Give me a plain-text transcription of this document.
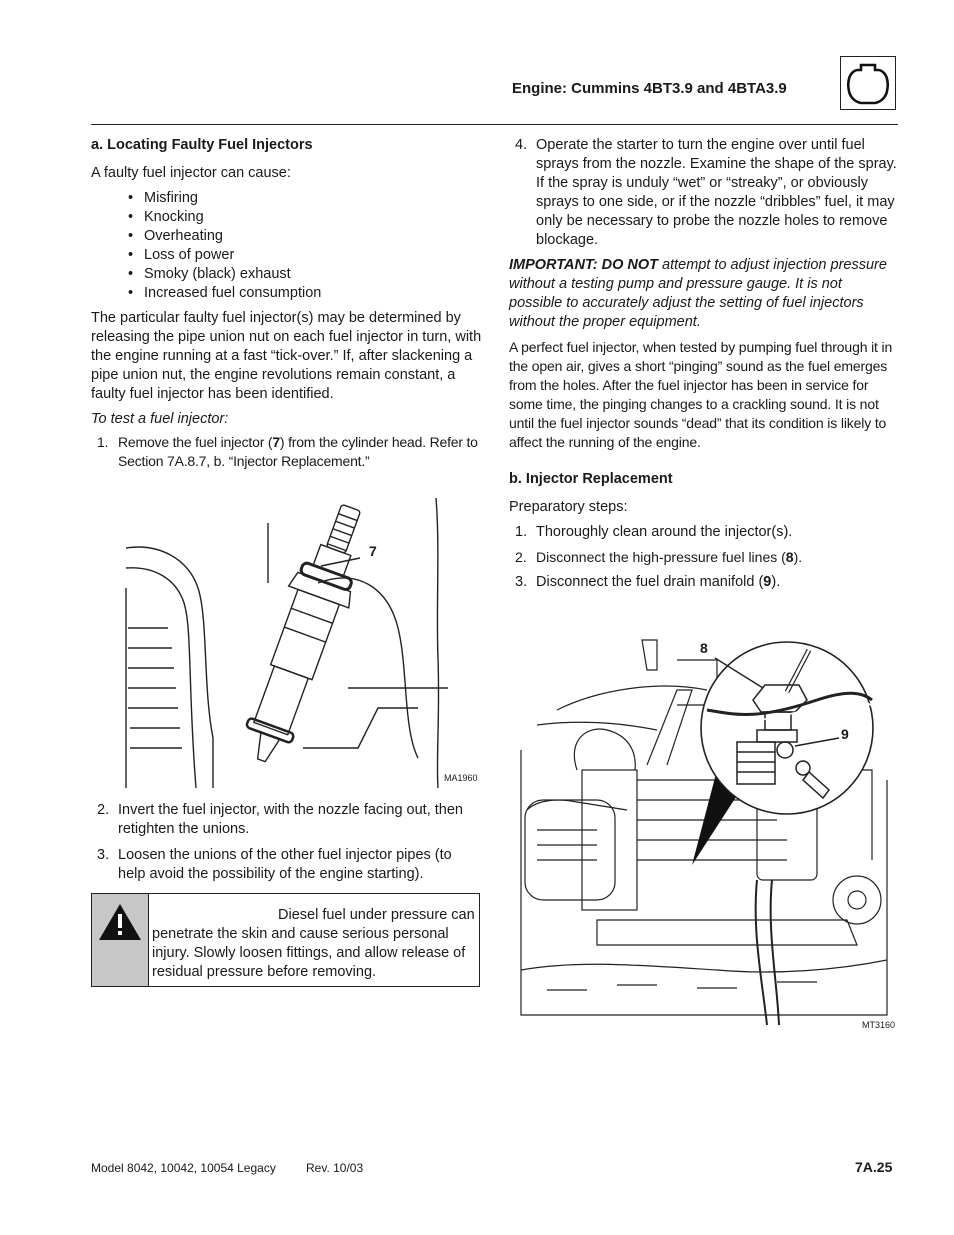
Engine: Cummins 4BT3.9 and 4BTA3.9
a. Locating Faulty Fuel Injectors

A faulty fuel injector can cause:

• Misfiring
• Knocking
• Overheating
• Loss of power
• Smoky (black) exhaust
• Increased fuel consumption

The particular faulty fuel injector(s) may be determined by releasing the pipe union nut on each fuel injector in turn, with the engine running at a fast “tick-over.” If, after slackening a pipe union nut, the engine revolutions remain constant, a faulty fuel injector has been identified.

To test a fuel injector:

1. Remove the fuel injector (7) from the cylinder head. Refer to Section 7A.8.7, b. “Injector Replacement.”
7
MA1960
2. Invert the fuel injector, with the nozzle facing out, then retighten the unions.
3. Loosen the unions of the other fuel injector pipes (to help avoid the possibility of the engine starting).
Diesel fuel under pressure can penetrate the skin and cause serious personal injury. Slowly loosen fittings, and allow release of residual pressure before removing.
4. Operate the starter to turn the engine over until fuel sprays from the nozzle. Examine the shape of the spray. If the spray is unduly “wet” or “streaky”, or obviously sprays to one side, or if the nozzle “dribbles” fuel, it may only be necessary to probe the nozzle holes to remove blockage.

IMPORTANT: DO NOT attempt to adjust injection pressure without a testing pump and pressure gauge. It is not possible to accurately adjust the setting of fuel injectors without the proper equipment.

A perfect fuel injector, when tested by pumping fuel through it in the open air, gives a short “pinging” sound as the fuel emerges from the holes. After the fuel injector has been in service for some time, the pinging changes to a crackling sound. It is not until the fuel injector sounds “dead” that its condition is likely to affect the running of the engine.

b. Injector Replacement

Preparatory steps:

1. Thoroughly clean around the injector(s).
2. Disconnect the high-pressure fuel lines (8).
3. Disconnect the fuel drain manifold (9).
8
9
MT3160
Model 8042, 10042, 10054 Legacy	Rev. 10/03	7A.25
